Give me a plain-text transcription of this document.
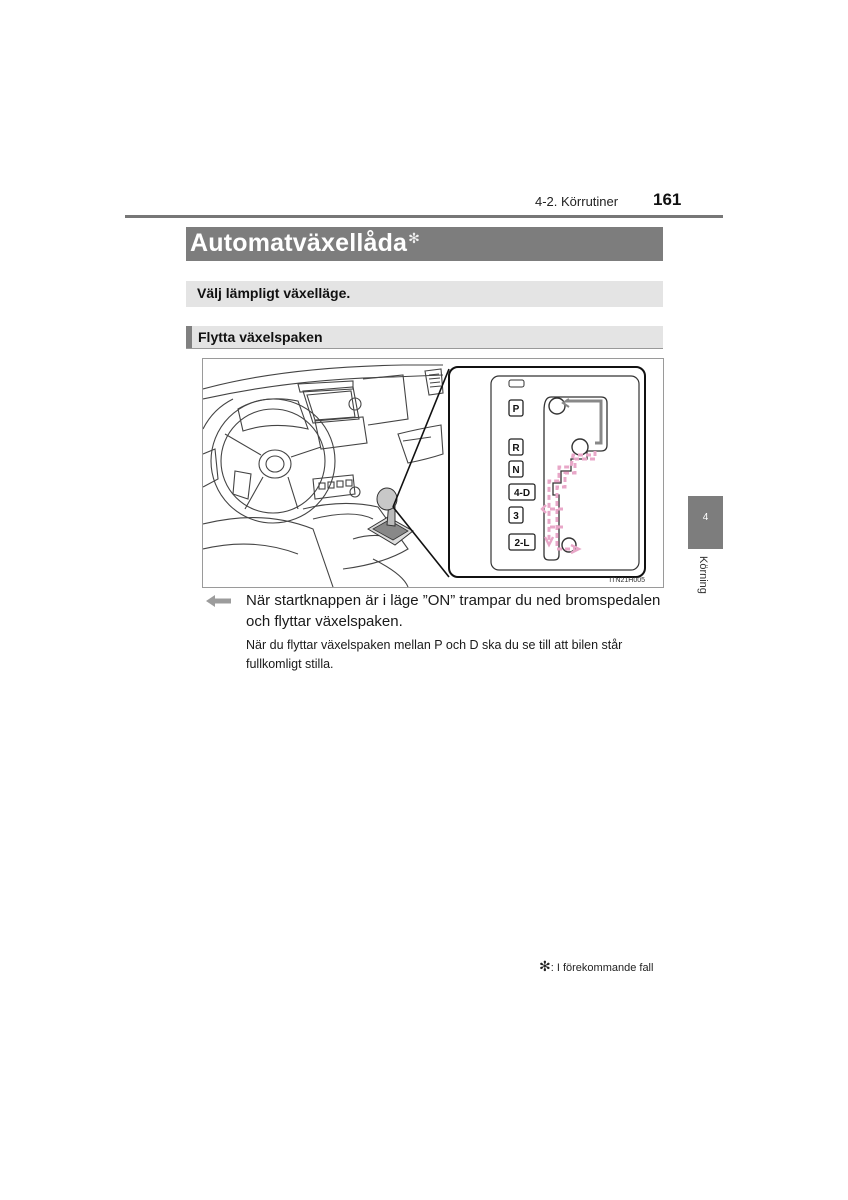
4-2. Körrutiner 161
Automatväxellåda✻
Välj lämpligt växelläge.
Flytta växelspaken
P
R
N
4-D
3
2-L
ITN21H005
När startknappen är i läge ”ON” trampar du ned bromspedalen och flyttar växelspaken.
När du flyttar växelspaken mellan P och D ska du se till att bilen står fullkomligt stilla.
4
Körning
✻: I förekommande fall
